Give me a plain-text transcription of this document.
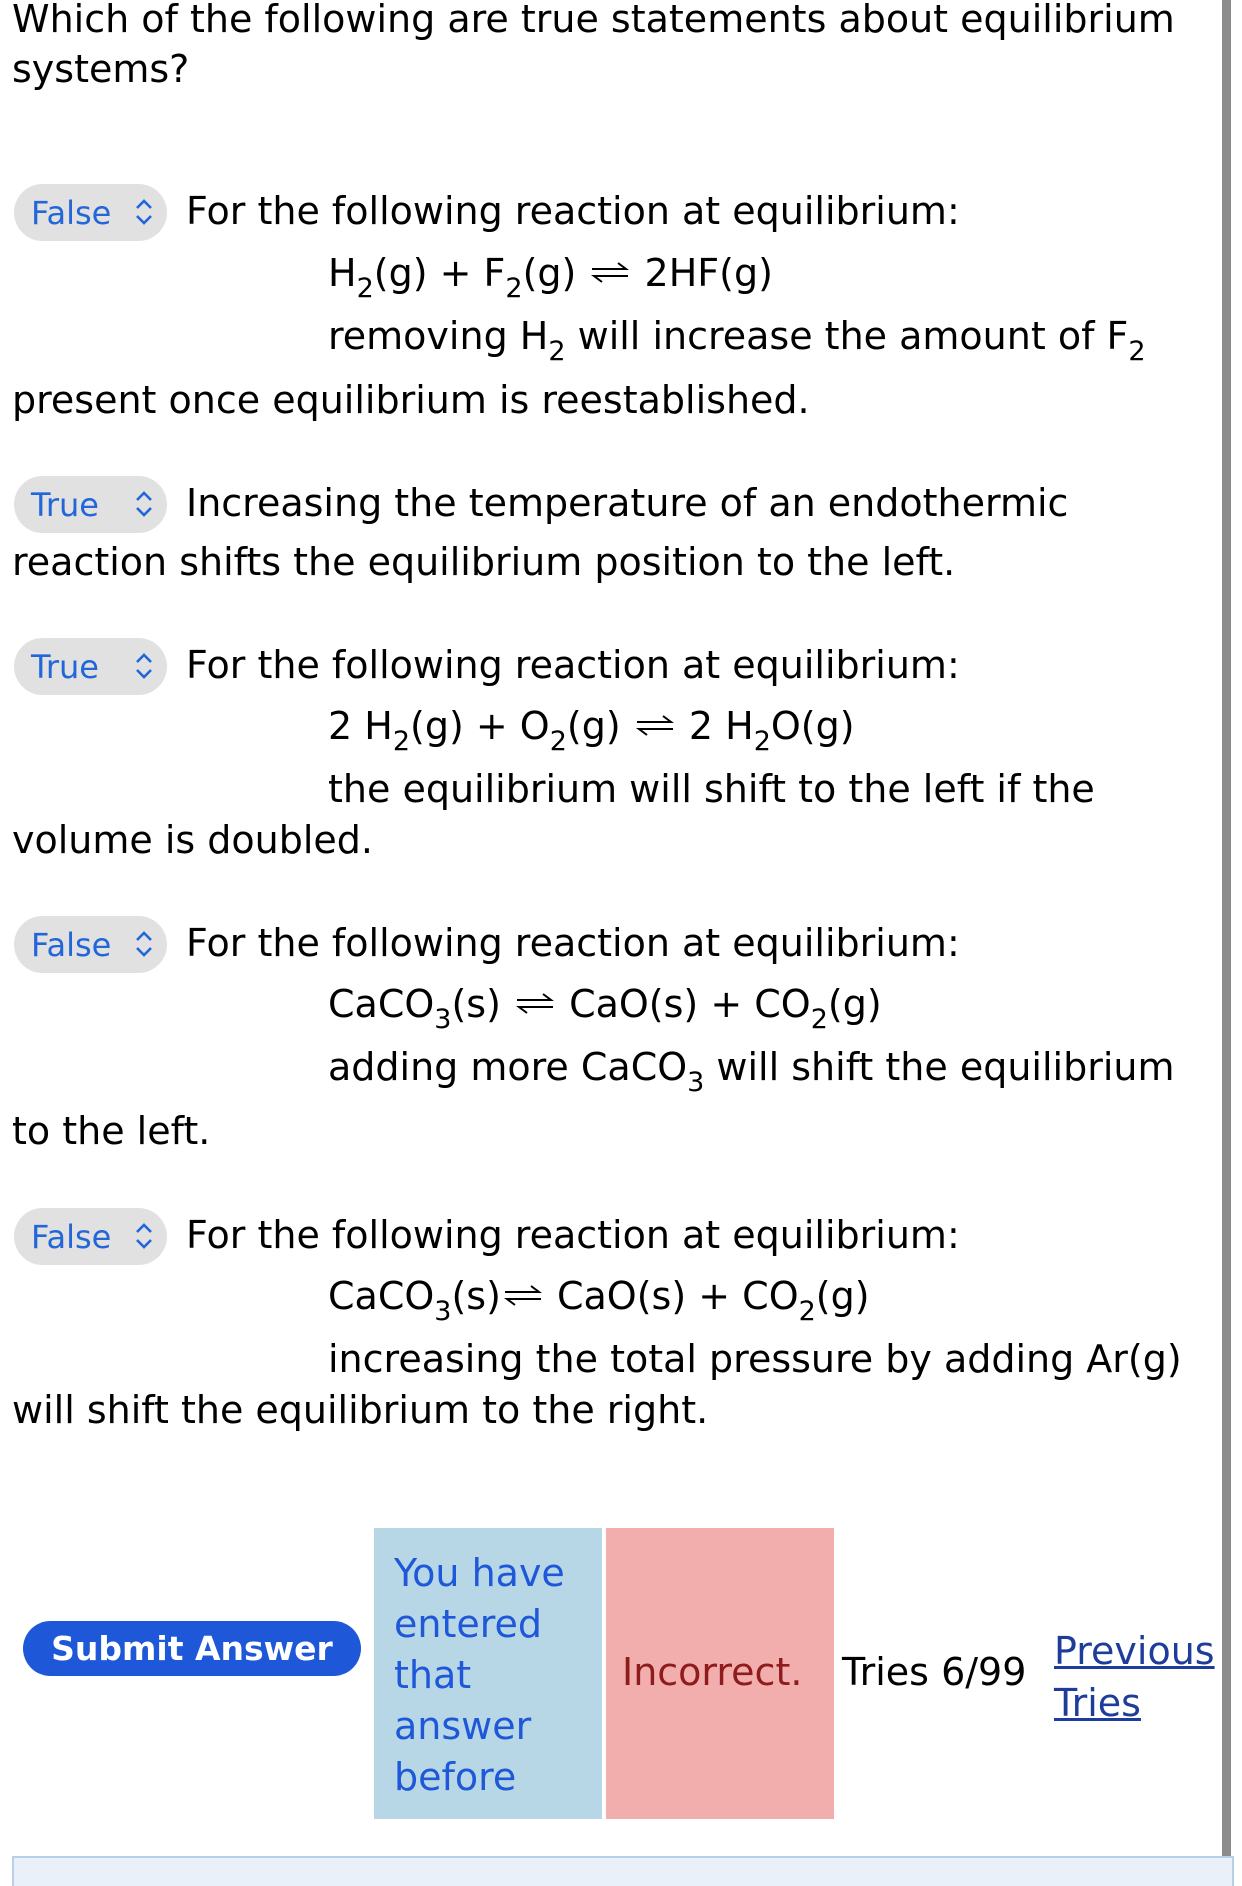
Which of the following are true statements about equilibrium
systems?
False For the following reaction at equilibrium:
$H_2(g) + F_2(g)$ ⇌ 2HF(g)
removing $H_2$ will increase the amount of $F_2$
present once equilibrium is reestablished.
True Increasing the temperature of an endothermic
reaction shifts the equilibrium position to the left.
True For the following reaction at equilibrium:
2 $H_2(g) + O_2(g)$ ⇌ 2 $H_2O(g)$
the equilibrium will shift to the left if the
volume is doubled.
False For the following reaction at equilibrium:
CaCO$_3$(s) ⇌ $CaO(s) + CO_2(g)$
adding more CaCO$_3$ will shift the equilibrium
to the left.
False For the following reaction at equilibrium:
CaCO$_3$(s)⇌ $CaO(s) + CO_2(g)$
increasing the total pressure by adding Ar(g)
will shift the equilibrium to the right.
Submit Answer
You have
entered
that
answer
before
Incorrect. Tries 6/99 Previous
Tries
